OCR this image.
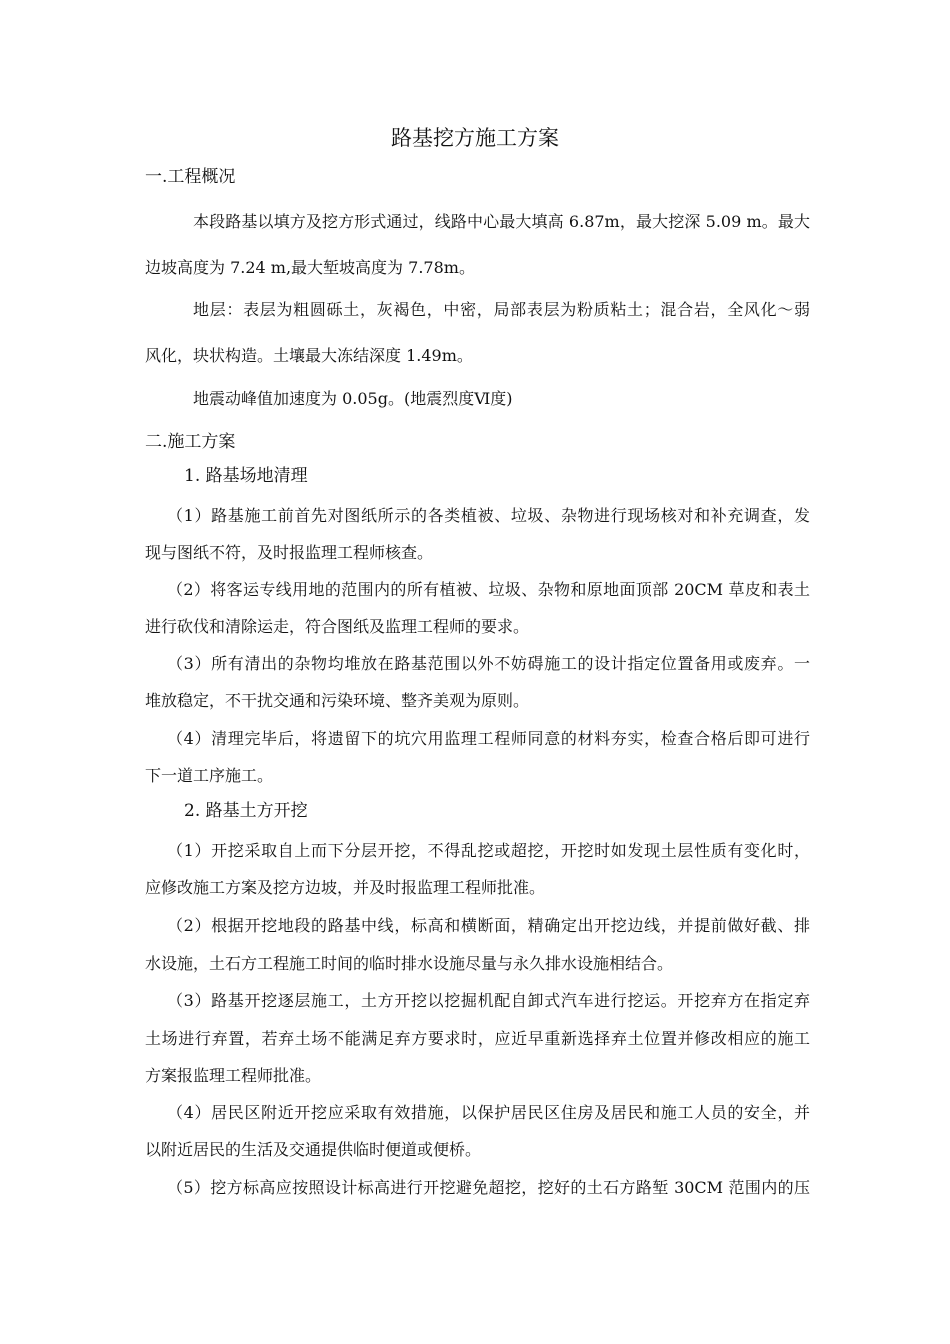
路基挖方施工方案

一.工程概况

本段路基以填方及挖方形式通过，线路中心最大填高 6.87m，最大挖深 5.09 m。最大

边坡高度为 7.24 m,最大堑坡高度为 7.78m。

地层：表层为粗圆砾土，灰褐色，中密，局部表层为粉质粘土；混合岩，全风化～弱

风化，块状构造。土壤最大冻结深度 1.49m。

地震动峰值加速度为 0.05g。(地震烈度Ⅵ度)

二.施工方案

1. 路基场地清理

（1）路基施工前首先对图纸所示的各类植被、垃圾、杂物进行现场核对和补充调查，发

现与图纸不符，及时报监理工程师核查。

（2）将客运专线用地的范围内的所有植被、垃圾、杂物和原地面顶部 20CM 草皮和表土

进行砍伐和清除运走，符合图纸及监理工程师的要求。

（3）所有清出的杂物均堆放在路基范围以外不妨碍施工的设计指定位置备用或废弃。一

堆放稳定，不干扰交通和污染环境、整齐美观为原则。

（4）清理完毕后，将遗留下的坑穴用监理工程师同意的材料夯实，检查合格后即可进行

下一道工序施工。

2. 路基土方开挖

（1）开挖采取自上而下分层开挖，不得乱挖或超挖，开挖时如发现土层性质有变化时，

应修改施工方案及挖方边坡，并及时报监理工程师批准。

（2）根据开挖地段的路基中线，标高和横断面，精确定出开挖边线，并提前做好截、排

水设施，土石方工程施工时间的临时排水设施尽量与永久排水设施相结合。

（3）路基开挖逐层施工，土方开挖以挖掘机配自卸式汽车进行挖运。开挖弃方在指定弃

土场进行弃置，若弃土场不能满足弃方要求时，应近早重新选择弃土位置并修改相应的施工

方案报监理工程师批准。

（4）居民区附近开挖应采取有效措施，以保护居民区住房及居民和施工人员的安全，并

以附近居民的生活及交通提供临时便道或便桥。

（5）挖方标高应按照设计标高进行开挖避免超挖，挖好的土石方路堑 30CM 范围内的压
